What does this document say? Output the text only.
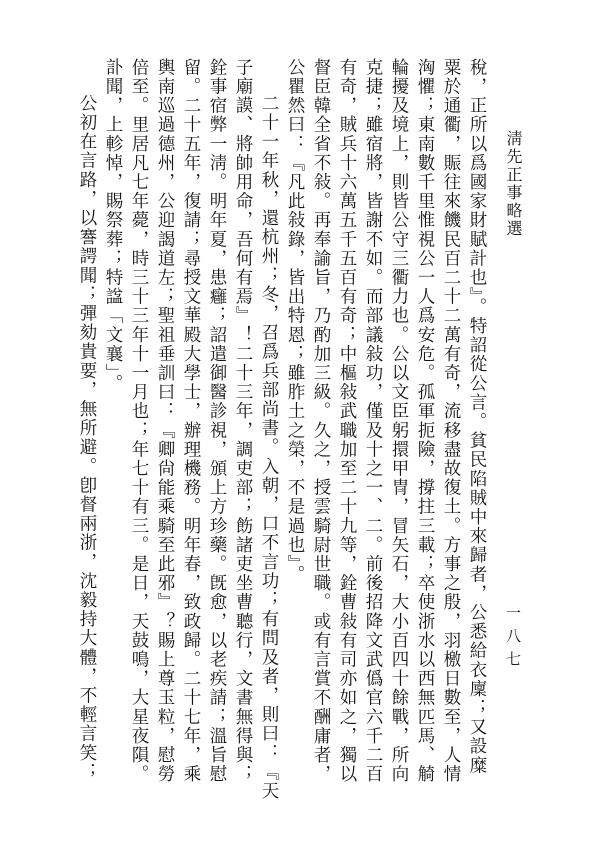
淸先正事略選
一八七
稅，正所以爲國家財賦計也』。特詔從公言。貧民陷賊中來歸者，公悉給衣廩；又設糜
粟於通衢，賑往來饑民百二十二萬有奇，流移盡故復土。方事之殷，羽檄日數至，人情
洶懼；東南數千里惟視公一人爲安危。孤軍扼險，撐拄三載；卒使浙水以西無匹馬、觭
輪擾及境上，則皆公守三衢力也。公以文臣躬擐甲冑，冒矢石，大小百四十餘戰，所向
克捷；雖宿將，皆謝不如。而部議敍功，僅及十之一、二。前後招降文武僞官六千二百
有奇，賊兵十六萬五千五百有奇；中樞敍武職加至二十九等，銓曹敍有司亦如之，獨以
督臣韓全省不敍。再奉諭旨，乃酌加三級。久之，授雲騎尉世職。或有言賞不酬庸者，
公瞿然曰：『凡此敍錄，皆出特恩；雖胙土之榮，不是過也』。
二十一年秋，還杭州；冬，召爲兵部尚書。入朝，口不言功；有問及者，則曰：『天
子廟謨、將帥用命，吾何有焉』！二十三年，調吏部；飭諸吏坐曹聽行，文書無得與；
銓事宿弊一淸。明年夏，患癰；詔遣御醫診視，頒上方珍藥。旣愈，以老疾請；溫旨慰
留。二十五年，復請；尋授文華殿大學士，辦理機務。明年春，致政歸。二十七年，乘
輿南巡過德州，公迎謁道左；聖祖垂訓曰：『卿尙能乘騎至此邪』？賜上尊玉粒，慰勞
倍至。里居凡七年薨，時三十三年十一月也；年七十有三。是日，天鼓鳴，大星夜隕。
訃聞，上軫悼，賜祭葬；特諡「文襄」。
公初在言路，以謇諤聞；彈劾貴要，無所避。卽督兩浙，沈毅持大體，不輕言笑；
